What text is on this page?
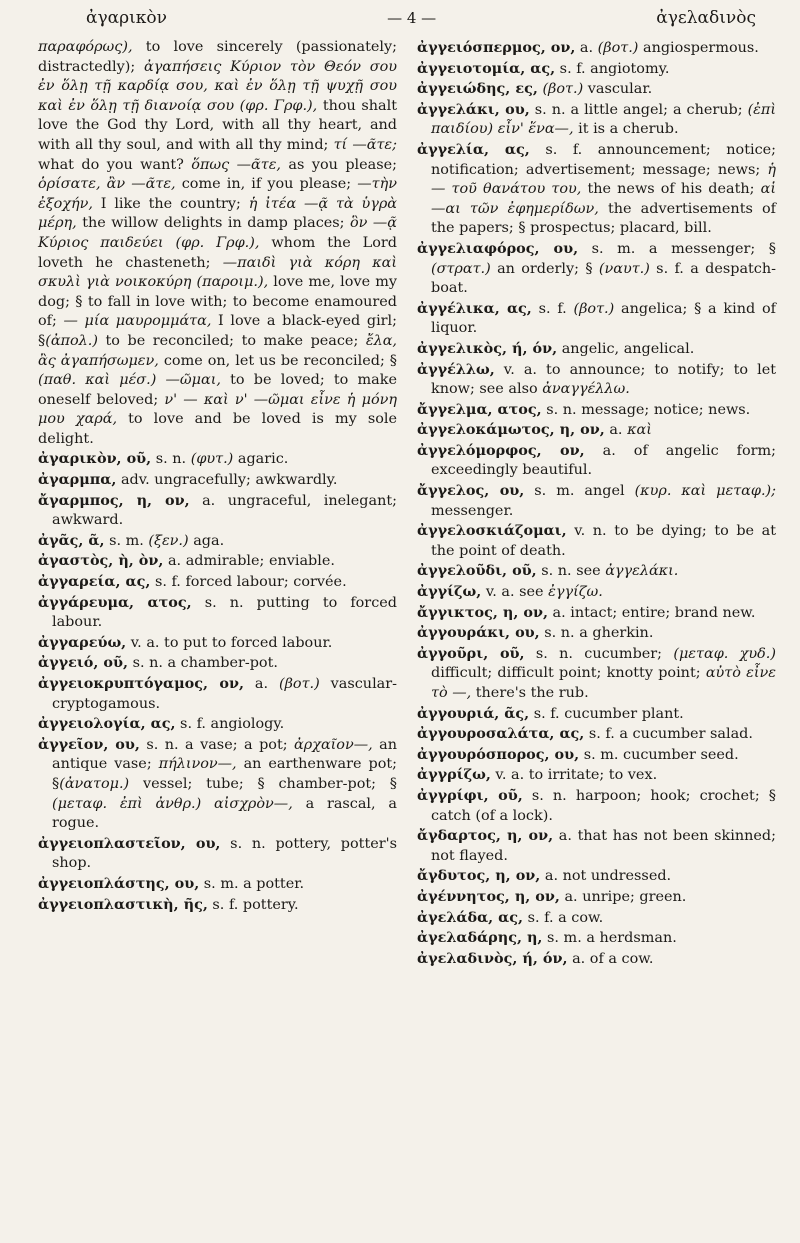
ἀγαρικὸν	— 4 —	ἀγελαδινὸς

παραφόρως), to love sincerely (passionately; distractedly); ἀγαπήσεις Κύριον τὸν Θεόν σου ἐν ὅλῃ τῇ καρδίᾳ σου, καὶ ἐν ὅλῃ τῇ ψυχῇ σου καὶ ἐν ὅλῃ τῇ διανοίᾳ σου (φρ. Γρφ.), thou shalt love the God thy Lord, with all thy heart, and with all thy soul, and with all thy mind; τί —ᾶτε; what do you want? ὅπως —ᾶτε, as you please; ὁρίσατε, ἂν —ᾶτε, come in, if you please; —τὴν ἐξοχήν, I like the country; ἡ ἰτέα —ᾷ τὰ ὑγρὰ μέρη, the willow delights in damp places; ὃν —ᾷ Κύριος παιδεύει (φρ. Γρφ.), whom the Lord loveth he chasteneth; —παιδὶ γιὰ κόρη καὶ σκυλὶ γιὰ νοικοκύρη (παροιμ.), love me, love my dog; § to fall in love with; to become enamoured of; — μία μαυρομμάτα, I love a black-eyed girl; §(ἀπολ.) to be reconciled; to make peace; ἔλα, ἂς ἀγαπήσωμεν, come on, let us be reconciled; § (παθ. καὶ μέσ.) —ῶμαι, to be loved; to make oneself beloved; ν' — καὶ ν' —ῶμαι εἶνε ἡ μόνη μου χαρά, to love and be loved is my sole delight.

ἀγαρικὸν, οῦ, s. n. (φυτ.) agaric.

ἀγαρμπα, adv. ungracefully; awkwardly.

ἄγαρμπος, η, ον, a. ungraceful, inelegant; awkward.

ἀγᾶς, ᾶ, s. m. (ξεν.) aga.

ἀγαστὸς, ὴ, ὸν, a. admirable; enviable.

ἀγγαρεία, ας, s. f. forced labour; corvée.

ἀγγάρευμα, ατος, s. n. putting to forced labour.

ἀγγαρεύω, v. a. to put to forced labour.

ἀγγειό, οῦ, s. n. a chamber-pot.

ἀγγειοκρυπτόγαμος, ον, a. (βοτ.) vascular-cryptogamous.

ἀγγειολογία, ας, s. f. angiology.

ἀγγεῖον, ου, s. n. a vase; a pot; ἀρχαῖον—, an antique vase; πήλινον—, an earthenware pot; §(ἀνατομ.) vessel; tube; § chamber-pot; § (μεταφ. ἐπὶ ἀνθρ.) αἰσχρὸν—, a rascal, a rogue.

ἀγγειοπλαστεῖον, ου, s. n. pottery, potter's shop.

ἀγγειοπλάστης, ου, s. m. a potter.

ἀγγειοπλαστικὴ, ῆς, s. f. pottery.

ἀγγειόσπερμος, ον, a. (βοτ.) angiospermous.

ἀγγειοτομία, ας, s. f. angiotomy.

ἀγγειώδης, ες, (βοτ.) vascular.

ἀγγελάκι, ου, s. n. a little angel; a cherub; (ἐπὶ παιδίου) εἶν' ἕνα—, it is a cherub.

ἀγγελία, ας, s. f. announcement; notice; notification; advertisement; message; news; ἡ — τοῦ θανάτου του, the news of his death; αἱ—αι τῶν ἐφημερίδων, the advertisements of the papers; § prospectus; placard, bill.

ἀγγελιαφόρος, ου, s. m. a messenger; § (στρατ.) an orderly; § (ναυτ.) s. f. a despatch-boat.

ἀγγέλικα, ας, s. f. (βοτ.) angelica; § a kind of liquor.

ἀγγελικὸς, ή, όν, angelic, angelical.

ἀγγέλλω, v. a. to announce; to notify; to let know; see also ἀναγγέλλω.

ἄγγελμα, ατος, s. n. message; notice; news.

ἀγγελοκάμωτος, η, ον, a. καὶ

ἀγγελόμορφος, ον, a. of angelic form; exceedingly beautiful.

ἄγγελος, ου, s. m. angel (κυρ. καὶ μεταφ.); messenger.

ἀγγελοσκιάζομαι, v. n. to be dying; to be at the point of death.

ἀγγελοῦδι, οῦ, s. n. see ἀγγελάκι.

ἀγγίζω, v. a. see ἐγγίζω.

ἄγγικτος, η, ον, a. intact; entire; brand new.

ἀγγουράκι, ου, s. n. a gherkin.

ἀγγοῦρι, οῦ, s. n. cucumber; (μεταφ. χυδ.) difficult; difficult point; knotty point; αὐτὸ εἶνε τὸ —, there's the rub.

ἀγγουριά, ᾶς, s. f. cucumber plant.

ἀγγουροσαλάτα, ας, s. f. a cucumber salad.

ἀγγουρόσπορος, ου, s. m. cucumber seed.

ἀγγρίζω, v. a. to irritate; to vex.

ἀγγρίφι, οῦ, s. n. harpoon; hook; crochet; § catch (of a lock).

ἄγδαρτος, η, ον, a. that has not been skinned; not flayed.

ἄγδυτος, η, ον, a. not undressed.

ἀγέννητος, η, ον, a. unripe; green.

ἀγελάδα, ας, s. f. a cow.

ἀγελαδάρης, η, s. m. a herdsman.

ἀγελαδινὸς, ή, όν, a. of a cow.
